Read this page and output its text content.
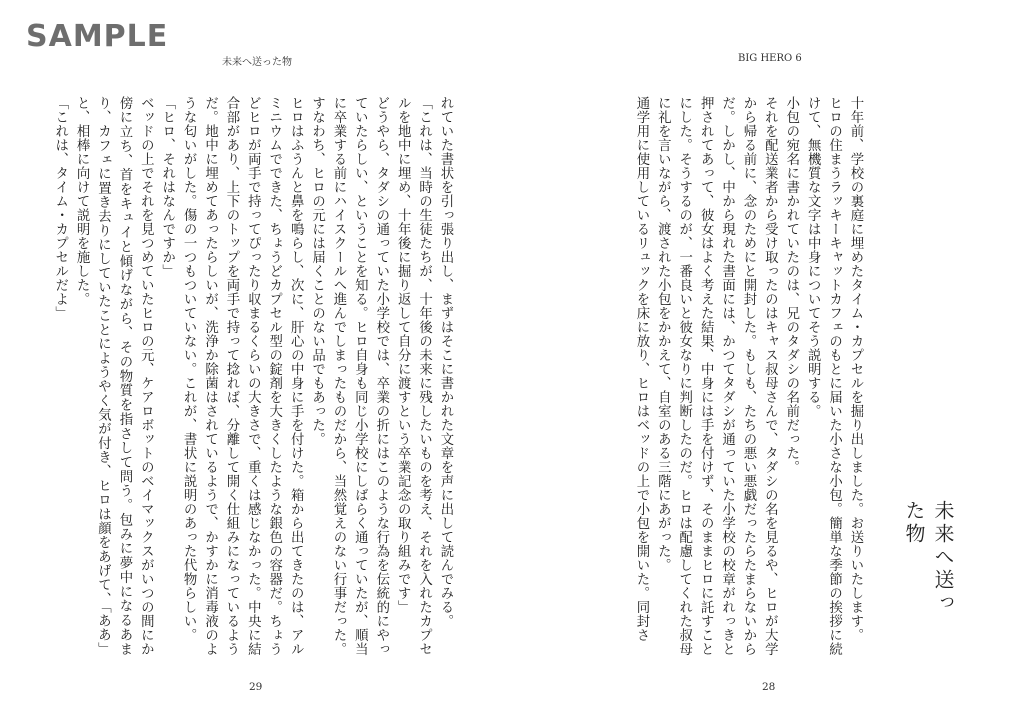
SAMPLE
未来へ送った物

れていた書状を引っ張り出し、まずはそこに書かれた文章を声に出して読んでみる。

「これは、当時の生徒たちが、十年後の未来に残したいものを考え、それを入れたカプセルを地中に埋め、十年後に掘り返して自分に渡すという卒業記念の取り組みです」

どうやら、タダシの通っていた小学校では、卒業の折にはこのような行為を伝統的にやっていたらしい、ということを知る。ヒロ自身も同じ小学校にしばらく通っていたが、順当に卒業する前にハイスクールへ進んでしまったものだから、当然覚えのない行事だった。すなわち、ヒロの元には届くことのない品でもあった。

ヒロはふうんと鼻を鳴らし、次に、肝心の中身に手を付けた。箱から出てきたのは、アルミニウムでできた、ちょうどカプセル型の錠剤を大きくしたような銀色の容器だ。ちょうどヒロが両手で持ってぴったり収まるくらいの大きさで、重くは感じなかった。中央に結合部があり、上下のトップを両手で持って捻れば、分離して開く仕組みになっているようだ。地中に埋めてあったらしいが、洗浄か除菌はされているようで、かすかに消毒液のような匂いがした。傷の一つもついていない。これが、書状に説明のあった代物らしい。

「ヒロ、それはなんですか」

ベッドの上でそれを見つめていたヒロの元、ケアロボットのベイマックスがいつの間にか傍に立ち、首をキュイと傾げながら、その物質を指さして問う。包みに夢中になるあまり、カフェに置き去りにしていたことにようやく気が付き、ヒロは顔をあげて、「ああ」と、相棒に向けて説明を施した。

「これは、タイム・カプセルだよ」

29
BIG HERO 6

十年前、学校の裏庭に埋めたタイム・カプセルを掘り出しました。お送りいたします。

ヒロの住まうラッキーキャットカフェのもとに届いた小さな小包。簡単な季節の挨拶に続けて、無機質な文字は中身についてそう説明する。

小包の宛名に書かれていたのは、兄のタダシの名前だった。

それを配送業者から受け取ったのはキャス叔母さんで、タダシの名を見るや、ヒロが大学から帰る前に、念のためにと開封した。もしも、たちの悪い悪戯だったらたまらないからだ。しかし、中から現れた書面には、かつてタダシが通っていた小学校の校章がれっきと押されてあって、彼女はよく考えた結果、中身には手を付けず、そのままヒロに託すことにした。そうするのが、一番良いと彼女なりに判断したのだ。ヒロは配慮してくれた叔母に礼を言いながら、渡された小包をかかえて、自室のある三階にあがった。

通学用に使用しているリュックを床に放り、ヒロはベッドの上で小包を開いた。同封さ	未来へ送った物
28
